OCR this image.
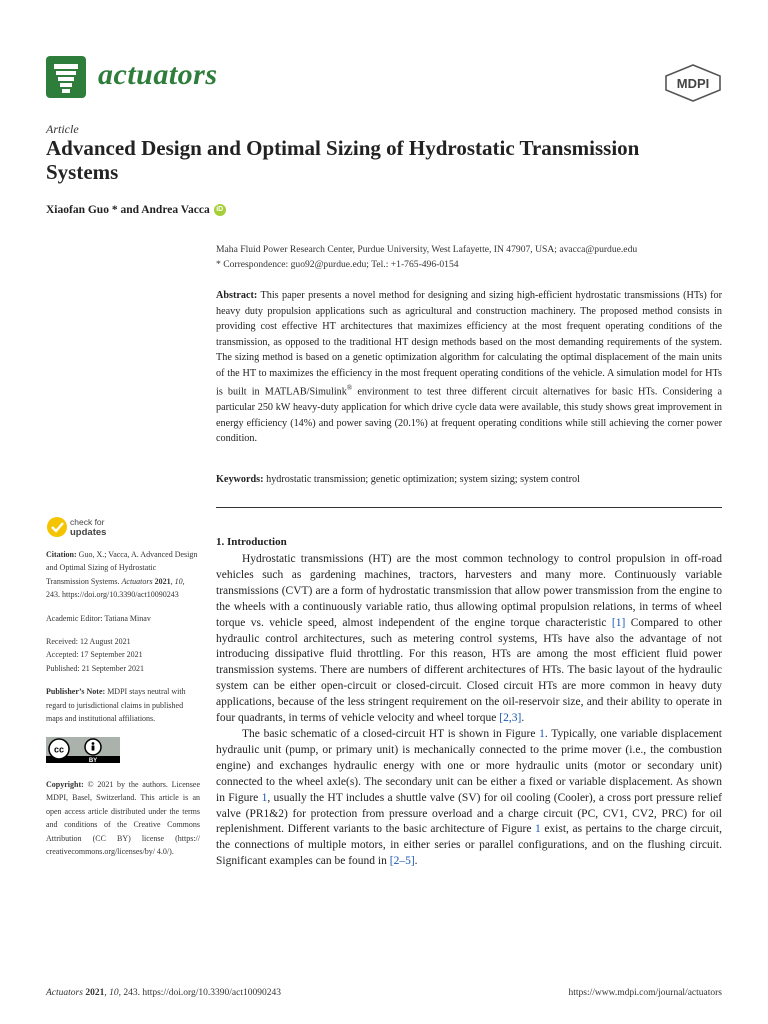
actuators	MDPI
Article
Advanced Design and Optimal Sizing of Hydrostatic Transmission Systems
Xiaofan Guo * and Andrea Vacca iD
Maha Fluid Power Research Center, Purdue University, West Lafayette, IN 47907, USA; avacca@purdue.edu
* Correspondence: guo92@purdue.edu; Tel.: +1-765-496-0154
Abstract: This paper presents a novel method for designing and sizing high-efficient hydrostatic transmissions (HTs) for heavy duty propulsion applications such as agricultural and construction machinery. The proposed method consists in providing cost effective HT architectures that maximizes efficiency at the most frequent operating conditions of the transmission, as opposed to the traditional HT design methods based on the most demanding requirements of the system. The sizing method is based on a genetic optimization algorithm for calculating the optimal displacement of the main units of the HT to maximizes the efficiency in the most frequent operating conditions of the vehicle. A simulation model for HTs is built in MATLAB/Simulink® environment to test three different circuit alternatives for basic HTs. Considering a particular 250 kW heavy-duty application for which drive cycle data were available, this study shows great improvement in energy efficiency (14%) and power saving (20.1%) at frequent operating conditions while still achieving the corner power condition.
Keywords: hydrostatic transmission; genetic optimization; system sizing; system control
check for
updates
Citation: Guo, X.; Vacca, A. Advanced Design and Optimal Sizing of Hydrostatic Transmission Systems. Actuators 2021, 10, 243. https://doi.org/10.3390/act10090243
Academic Editor: Tatiana Minav
Received: 12 August 2021
Accepted: 17 September 2021
Published: 21 September 2021
Publisher’s Note: MDPI stays neutral with regard to jurisdictional claims in published maps and institutional affiliations.
cc
BY
Copyright: © 2021 by the authors. Licensee MDPI, Basel, Switzerland. This article is an open access article distributed under the terms and conditions of the Creative Commons Attribution (CC BY) license (https:// creativecommons.org/licenses/by/ 4.0/).
1. Introduction

Hydrostatic transmissions (HT) are the most common technology to control propulsion in off-road vehicles such as gardening machines, tractors, harvesters and many more. Continuously variable transmissions (CVT) are a form of hydrostatic transmission that allow power transmission from the engine to the wheels with a continuously variable ratio, thus allowing optimal propulsion relations, in terms of wheel torque vs. vehicle speed, almost independent of the engine torque characteristic [1] Compared to other hydraulic control architectures, such as metering control systems, HTs have also the advantage of not introducing dissipative fluid throttling. For this reason, HTs are among the most efficient fluid power transmission systems. There are numbers of different architectures of HTs. The basic layout of the hydraulic system can be either open-circuit or closed-circuit. Closed circuit HTs are more common in heavy duty applications, because of the less stringent requirement on the oil-reservoir size, and their ability to operate in four quadrants, in terms of vehicle velocity and wheel torque [2,3].

The basic schematic of a closed-circuit HT is shown in Figure 1. Typically, one variable displacement hydraulic unit (pump, or primary unit) is mechanically connected to the prime mover (i.e., the combustion engine) and exchanges hydraulic energy with one or more hydraulic units (motor or secondary unit) connected to the wheel axle(s). The secondary unit can be either a fixed or variable displacement. As shown in Figure 1, usually the HT includes a shuttle valve (SV) for oil cooling (Cooler), a cross port pressure relief valve (PR1&2) for protection from pressure overload and a charge circuit (PC, CV1, CV2, PRC) for oil replenishment. Different variants to the basic architecture of Figure 1 exist, as pertains to the charge circuit, the connections of multiple motors, in either series or parallel configurations, and on the flushing circuit. Significant examples can be found in [2–5].

Actuators 2021, 10, 243. https://doi.org/10.3390/act10090243	https://www.mdpi.com/journal/actuators
